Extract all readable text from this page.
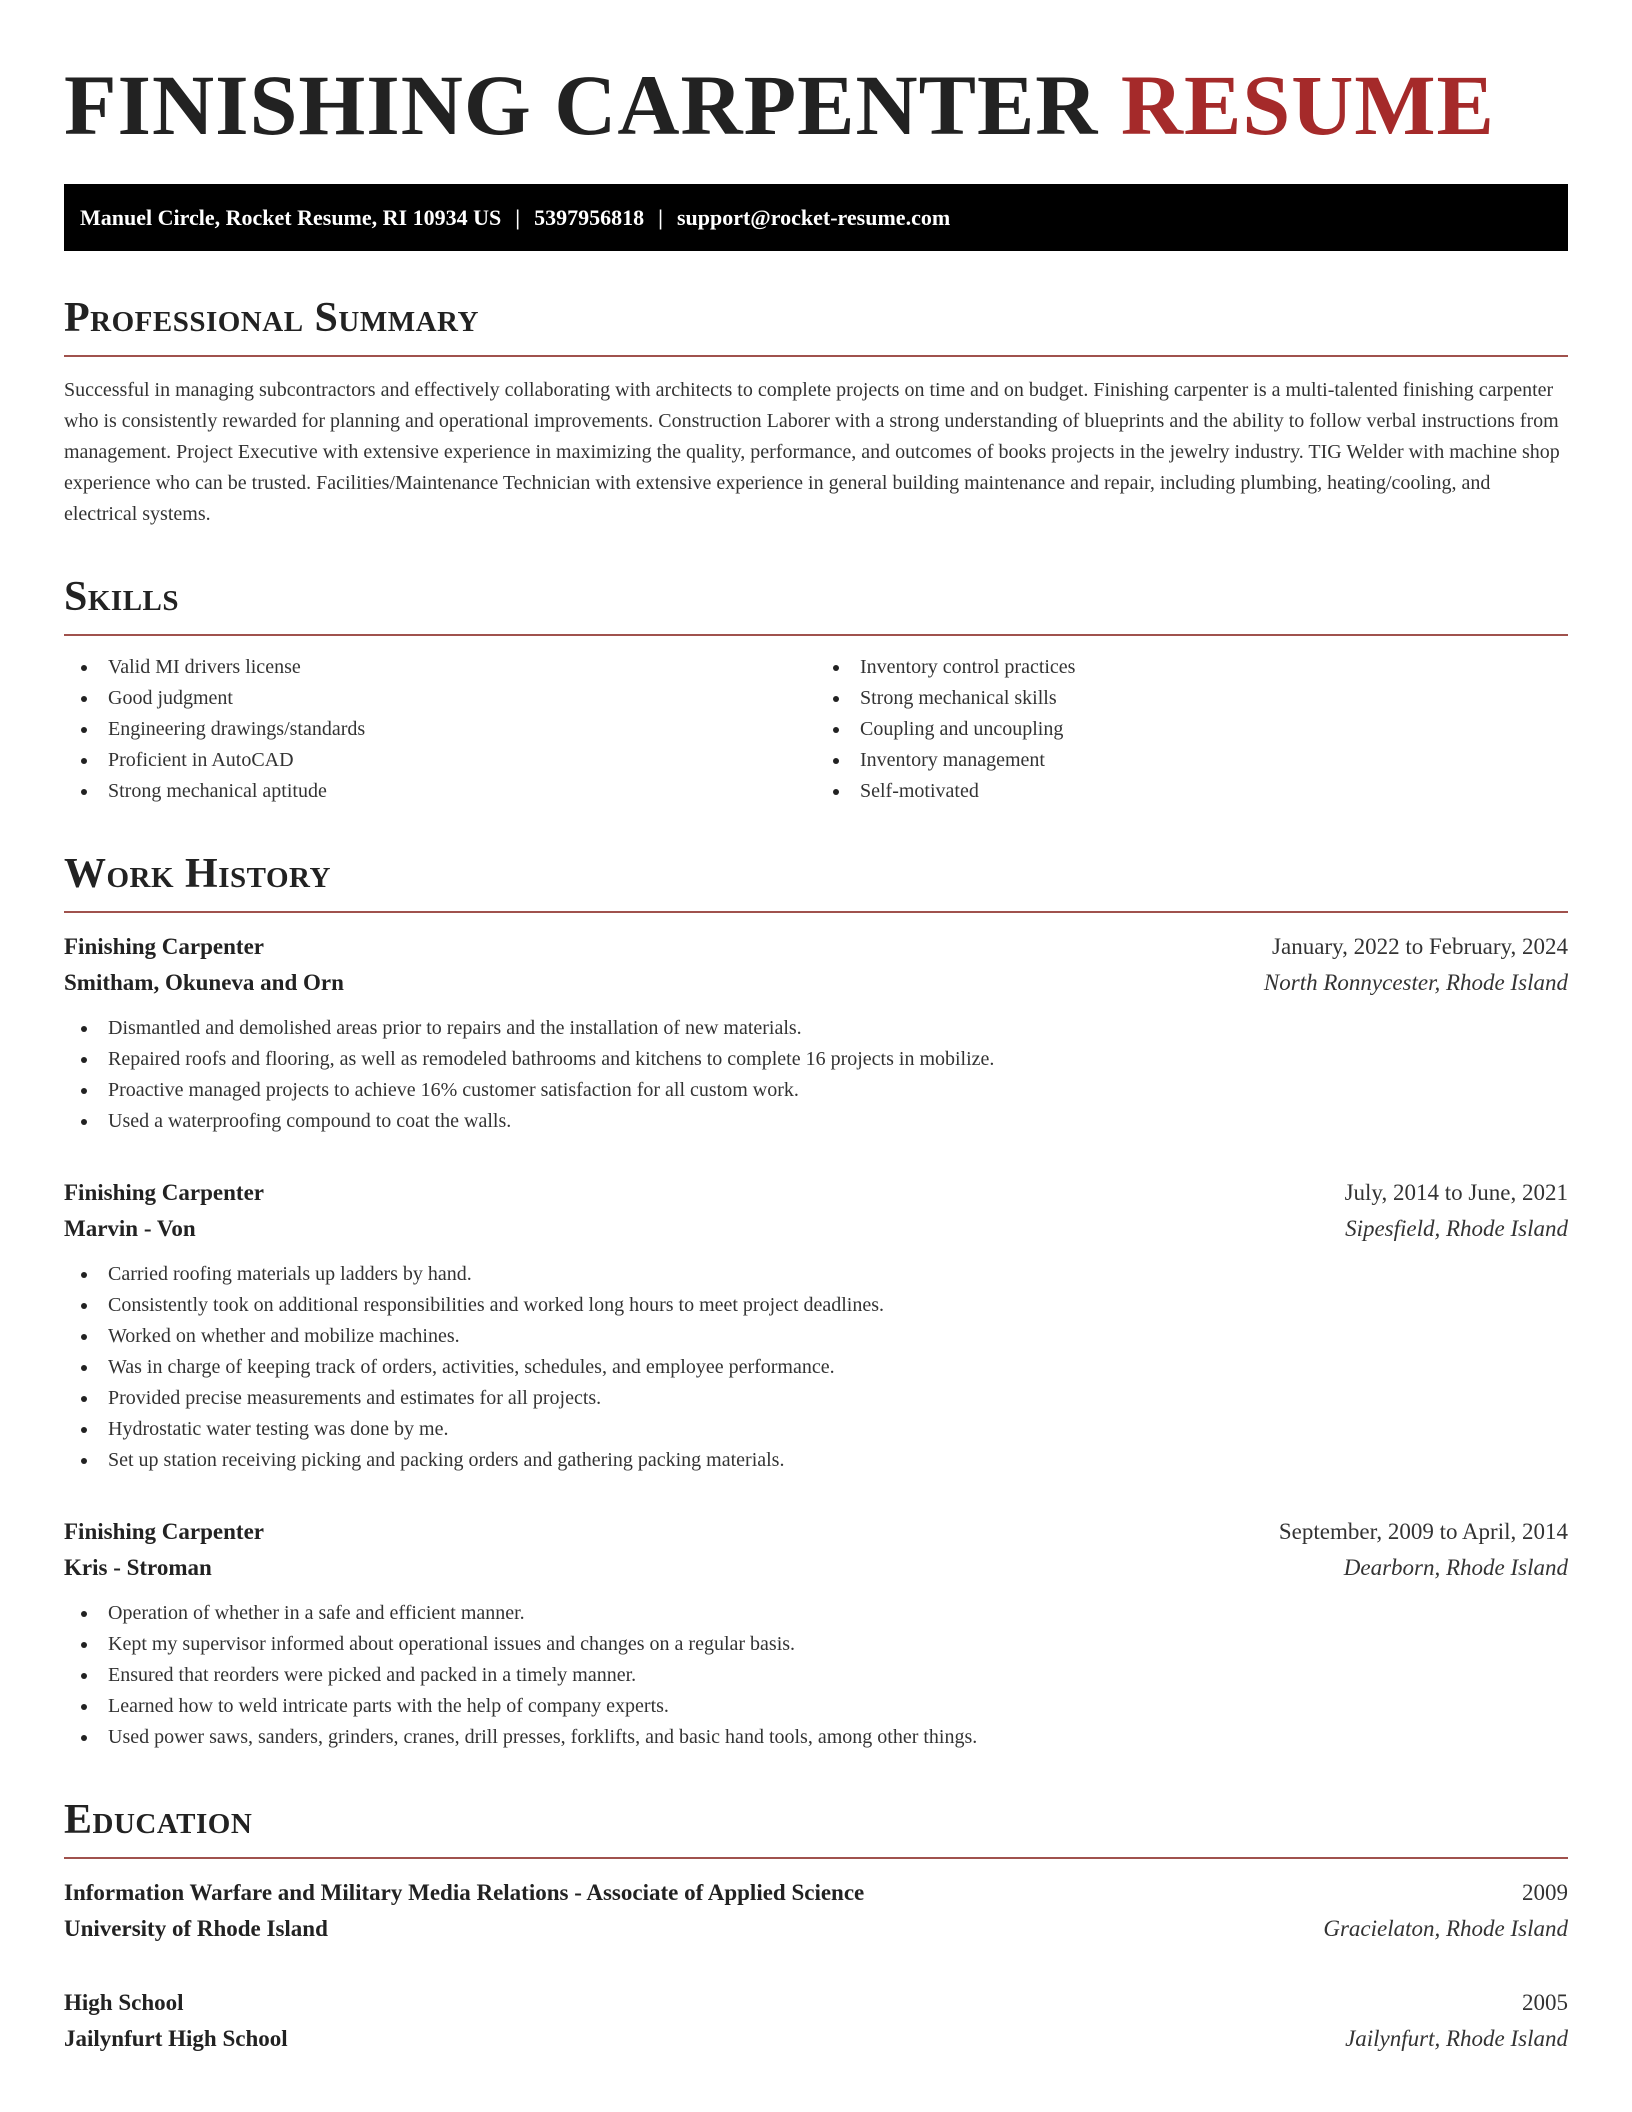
FINISHING CARPENTER RESUME
Manuel Circle, Rocket Resume, RI 10934 US | 5397956818 | support@rocket-resume.com
Professional Summary

Successful in managing subcontractors and effectively collaborating with architects to complete projects on time and on budget. Finishing carpenter is a multi-talented finishing carpenter who is consistently rewarded for planning and operational improvements. Construction Laborer with a strong understanding of blueprints and the ability to follow verbal instructions from management. Project Executive with extensive experience in maximizing the quality, performance, and outcomes of books projects in the jewelry industry. TIG Welder with machine shop experience who can be trusted. Facilities/Maintenance Technician with extensive experience in general building maintenance and repair, including plumbing, heating/cooling, and electrical systems.

Skills
Valid MI drivers license
Good judgment
Engineering drawings/standards
Proficient in AutoCAD
Strong mechanical aptitude
Inventory control practices
Strong mechanical skills
Coupling and uncoupling
Inventory management
Self-motivated
Work History
Finishing Carpenter	January, 2022 to February, 2024
Smitham, Okuneva and Orn	North Ronnycester, Rhode Island
Dismantled and demolished areas prior to repairs and the installation of new materials.
Repaired roofs and flooring, as well as remodeled bathrooms and kitchens to complete 16 projects in mobilize.
Proactive managed projects to achieve 16% customer satisfaction for all custom work.
Used a waterproofing compound to coat the walls.
Finishing Carpenter	July, 2014 to June, 2021
Marvin - Von	Sipesfield, Rhode Island
Carried roofing materials up ladders by hand.
Consistently took on additional responsibilities and worked long hours to meet project deadlines.
Worked on whether and mobilize machines.
Was in charge of keeping track of orders, activities, schedules, and employee performance.
Provided precise measurements and estimates for all projects.
Hydrostatic water testing was done by me.
Set up station receiving picking and packing orders and gathering packing materials.
Finishing Carpenter	September, 2009 to April, 2014
Kris - Stroman	Dearborn, Rhode Island
Operation of whether in a safe and efficient manner.
Kept my supervisor informed about operational issues and changes on a regular basis.
Ensured that reorders were picked and packed in a timely manner.
Learned how to weld intricate parts with the help of company experts.
Used power saws, sanders, grinders, cranes, drill presses, forklifts, and basic hand tools, among other things.
Education
Information Warfare and Military Media Relations - Associate of Applied Science	2009
University of Rhode Island	Gracielaton, Rhode Island
High School	2005
Jailynfurt High School	Jailynfurt, Rhode Island
